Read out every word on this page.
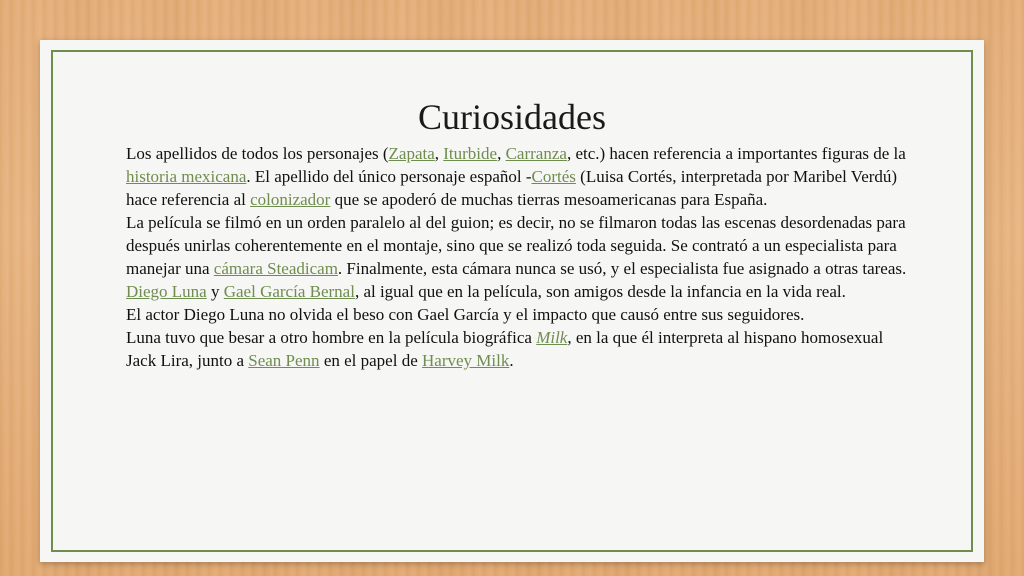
Curiosidades

Los apellidos de todos los personajes (Zapata, Iturbide, Carranza, etc.) hacen referencia a importantes figuras de la historia mexicana. El apellido del único personaje español -Cortés (Luisa Cortés, interpretada por Maribel Verdú) hace referencia al colonizador que se apoderó de muchas tierras mesoamericanas para España.

La película se filmó en un orden paralelo al del guion; es decir, no se filmaron todas las escenas desordenadas para después unirlas coherentemente en el montaje, sino que se realizó toda seguida. Se contrató a un especialista para manejar una cámara Steadicam. Finalmente, esta cámara nunca se usó, y el especialista fue asignado a otras tareas.

Diego Luna y Gael García Bernal, al igual que en la película, son amigos desde la infancia en la vida real.

El actor Diego Luna no olvida el beso con Gael García y el impacto que causó entre sus seguidores.

Luna tuvo que besar a otro hombre en la película biográfica Milk, en la que él interpreta al hispano homosexual Jack Lira, junto a Sean Penn en el papel de Harvey Milk.
